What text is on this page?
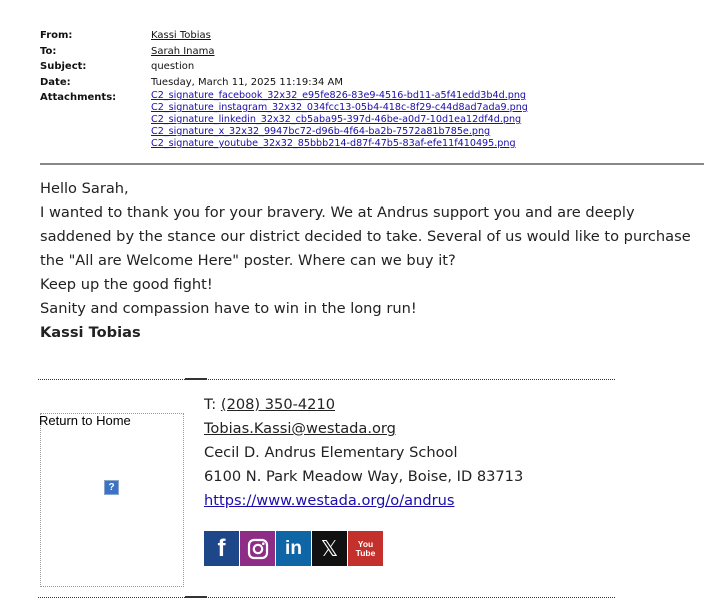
From:	Kassi Tobias
To:	Sarah Inama
Subject:	question
Date:	Tuesday, March 11, 2025 11:19:34 AM
Attachments:	C2_signature_facebook_32x32_e95fe826-83e9-4516-bd11-a5f41edd3b4d.png
C2_signature_instagram_32x32_034fcc13-05b4-418c-8f29-c44d8ad7ada9.png
C2_signature_linkedin_32x32_cb5aba95-397d-46be-a0d7-10d1ea12df4d.png
C2_signature_x_32x32_9947bc72-d96b-4f64-ba2b-7572a81b785e.png
C2_signature_youtube_32x32_85bbb214-d87f-47b5-83af-efe11f410495.png

Hello Sarah,

I wanted to thank you for your bravery. We at Andrus support you and are deeply saddened by the stance our district decided to take. Several of us would like to purchase the "All are Welcome Here" poster. Where can we buy it?

Keep up the good fight!

Sanity and compassion have to win in the long run!

Kassi Tobias

Return to Home
?
T: (208) 350-4210
Tobias.Kassi@westada.org
Cecil D. Andrus Elementary School
6100 N. Park Meadow Way, Boise, ID 83713
https://www.westada.org/o/andrus
f	in 𝕏	You
Tube
